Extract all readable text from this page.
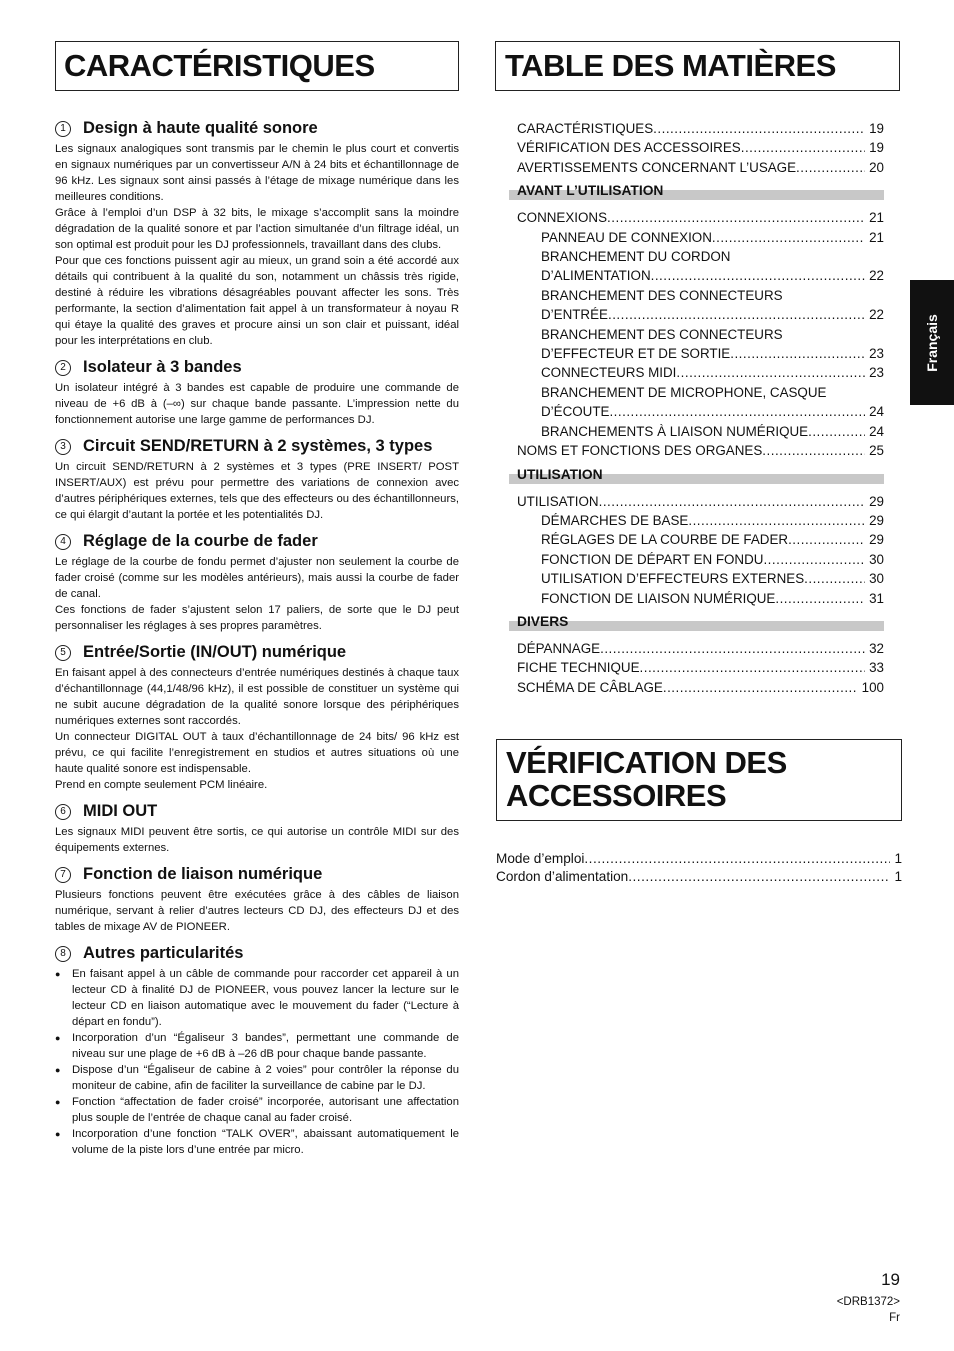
CARACTÉRISTIQUES	TABLE DES MATIÈRES
VÉRIFICATION DES
ACCESSOIRES
1	Design à haute qualité sonore

Les signaux analogiques sont transmis par le chemin le plus court et convertis en signaux numériques par un convertisseur A/N à 24 bits et échantillonnage de 96 kHz. Les signaux sont ainsi passés à l’étage de mixage numérique dans les meilleures conditions.

Grâce à l’emploi d’un DSP à 32 bits, le mixage s’accomplit sans la moindre dégradation de la qualité sonore et par l’action simultanée d’un filtrage idéal, un son optimal est produit pour les DJ professionnels, travaillant dans des clubs.

Pour que ces fonctions puissent agir au mieux, un grand soin a été accordé aux détails qui contribuent à la qualité du son, notamment un châssis très rigide, destiné à réduire les vibrations désagréables pouvant affecter les sons. Très performante, la section d’alimentation fait appel à un transformateur à noyau R qui étaye la qualité des graves et procure ainsi un son clair et puissant, idéal pour les interprétations en club.

2	Isolateur à 3 bandes

Un isolateur intégré à 3 bandes est capable de produire une commande de niveau de +6 dB à (–∞) sur chaque bande passante. L’impression nette du fonctionnement autorise une large gamme de performances DJ.

3	Circuit SEND/RETURN à 2 systèmes, 3 types

Un circuit SEND/RETURN à 2 systèmes et 3 types (PRE INSERT/ POST INSERT/AUX) est prévu pour permettre des variations de connexion avec d’autres périphériques externes, tels que des effecteurs ou des échantillonneurs, ce qui élargit d’autant la portée et les potentialités DJ.

4	Réglage de la courbe de fader

Le réglage de la courbe de fondu permet d’ajuster non seulement la courbe de fader croisé (comme sur les modèles antérieurs), mais aussi la courbe de fader de canal.

Ces fonctions de fader s’ajustent selon 17 paliers, de sorte que le DJ peut personnaliser les réglages à ses propres paramètres.

5	Entrée/Sortie (IN/OUT) numérique

En faisant appel à des connecteurs d’entrée numériques destinés à chaque taux d’échantillonnage (44,1/48/96 kHz), il est possible de constituer un système qui ne subit aucune dégradation de la qualité sonore lorsque des périphériques numériques externes sont raccordés.

Un connecteur DIGITAL OUT à taux d’échantillonnage de 24 bits/ 96 kHz est prévu, ce qui facilite l’enregistrement en studios et autres situations où une haute qualité sonore est indispensable.

Prend en compte seulement PCM linéaire.

6	MIDI OUT

Les signaux MIDI peuvent être sortis, ce qui autorise un contrôle MIDI sur des équipements externes.

7	Fonction de liaison numérique

Plusieurs fonctions peuvent être exécutées grâce à des câbles de liaison numérique, servant à relier d’autres lecteurs CD DJ, des effecteurs DJ et des tables de mixage AV de PIONEER.

8	Autres particularités
● En faisant appel à un câble de commande pour raccorder cet appareil à un lecteur CD à finalité DJ de PIONEER, vous pouvez lancer la lecture sur le lecteur CD en liaison automatique avec le mouvement du fader (“Lecture à départ en fondu”).
● Incorporation d’un “Égaliseur 3 bandes”, permettant une commande de niveau sur une plage de +6 dB à –26 dB pour chaque bande passante.
● Dispose d’un “Égaliseur de cabine à 2 voies” pour contrôler la réponse du moniteur de cabine, afin de faciliter la surveillance de cabine par le DJ.
● Fonction “affectation de fader croisé” incorporée, autorisant une affectation plus souple de l’entrée de chaque canal au fader croisé.
● Incorporation d’une fonction “TALK OVER”, abaissant automatiquement le volume de la piste lors d’une entrée par micro.
CARACTÉRISTIQUES .....	19
VÉRIFICATION DES ACCESSOIRES .....	19
AVERTISSEMENTS CONCERNANT L’USAGE .....	20
AVANT L’UTILISATION
CONNEXIONS .....	21
PANNEAU DE CONNEXION .....	21
BRANCHEMENT DU CORDON
D’ALIMENTATION .....	22
BRANCHEMENT DES CONNECTEURS
D’ENTRÉE .....	22
BRANCHEMENT DES CONNECTEURS
D’EFFECTEUR ET DE SORTIE .....	23
CONNECTEURS MIDI .....	23
BRANCHEMENT DE MICROPHONE, CASQUE
D’ÉCOUTE .....	24
BRANCHEMENTS À LIAISON NUMÉRIQUE .....	24
NOMS ET FONCTIONS DES ORGANES .....	25
UTILISATION
UTILISATION .....	29
DÉMARCHES DE BASE .....	29
RÉGLAGES DE LA COURBE DE FADER .....	29
FONCTION DE DÉPART EN FONDU .....	30
UTILISATION D’EFFECTEURS EXTERNES .....	30
FONCTION DE LIAISON NUMÉRIQUE .....	31
DIVERS
DÉPANNAGE .....	32
FICHE TECHNIQUE .....	33
SCHÉMA DE CÂBLAGE .....	100
Mode d’emploi .....	1
Cordon d’alimentation .....	1
Français
19
<DRB1372>
Fr
